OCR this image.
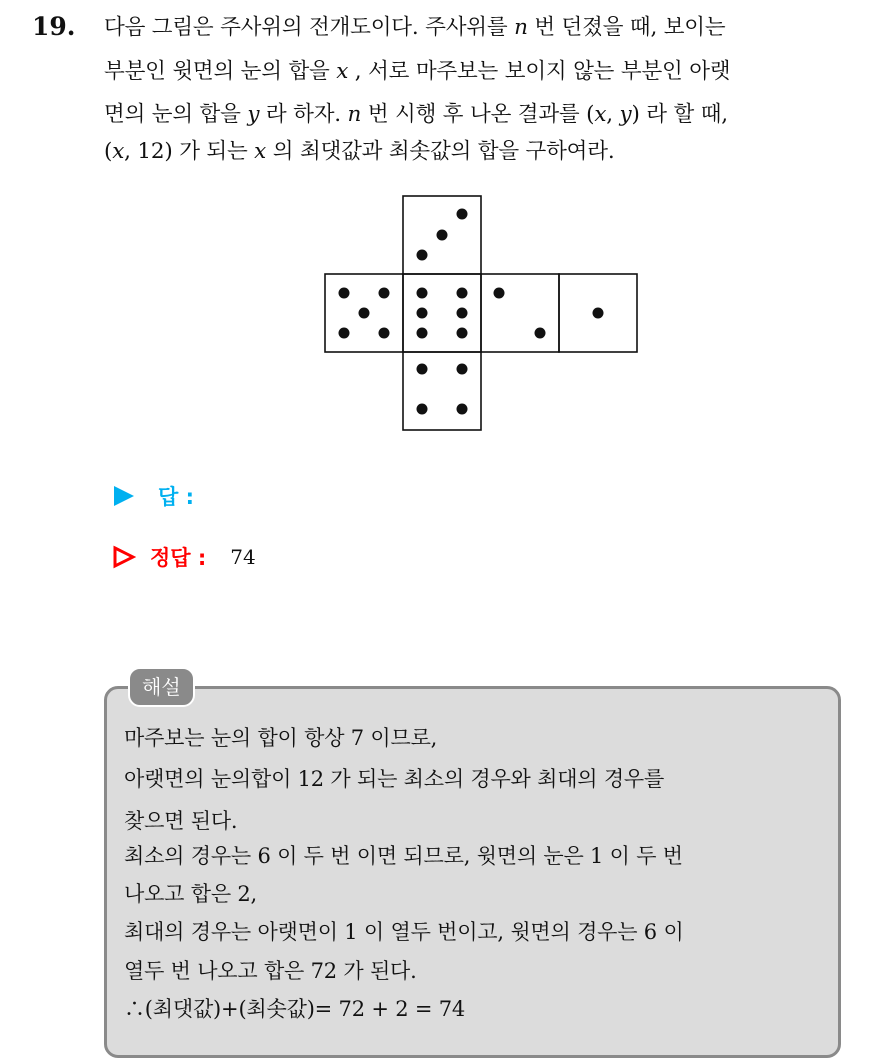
19. 다음 그림은 주사위의 전개도이다. 주사위를 n 번 던졌을 때, 보이는
부분인 윗면의 눈의 합을 x , 서로 마주보는 보이지 않는 부분인 아랫
면의 눈의 합을 y 라 하자. n 번 시행 후 나온 결과를 (x, y) 라 할 때,
(x, 12) 가 되는 x 의 최댓값과 최솟값의 합을 구하여라.
답 :
정답 : 74
해설
마주보는 눈의 합이 항상 7 이므로,
아랫면의 눈의합이 12 가 되는 최소의 경우와 최대의 경우를
찾으면 된다.
최소의 경우는 6 이 두 번 이면 되므로, 윗면의 눈은 1 이 두 번
나오고 합은 2,
최대의 경우는 아랫면이 1 이 열두 번이고, 윗면의 경우는 6 이
열두 번 나오고 합은 72 가 된다.
∴(최댓값)+(최솟값)= 72 + 2 = 74
